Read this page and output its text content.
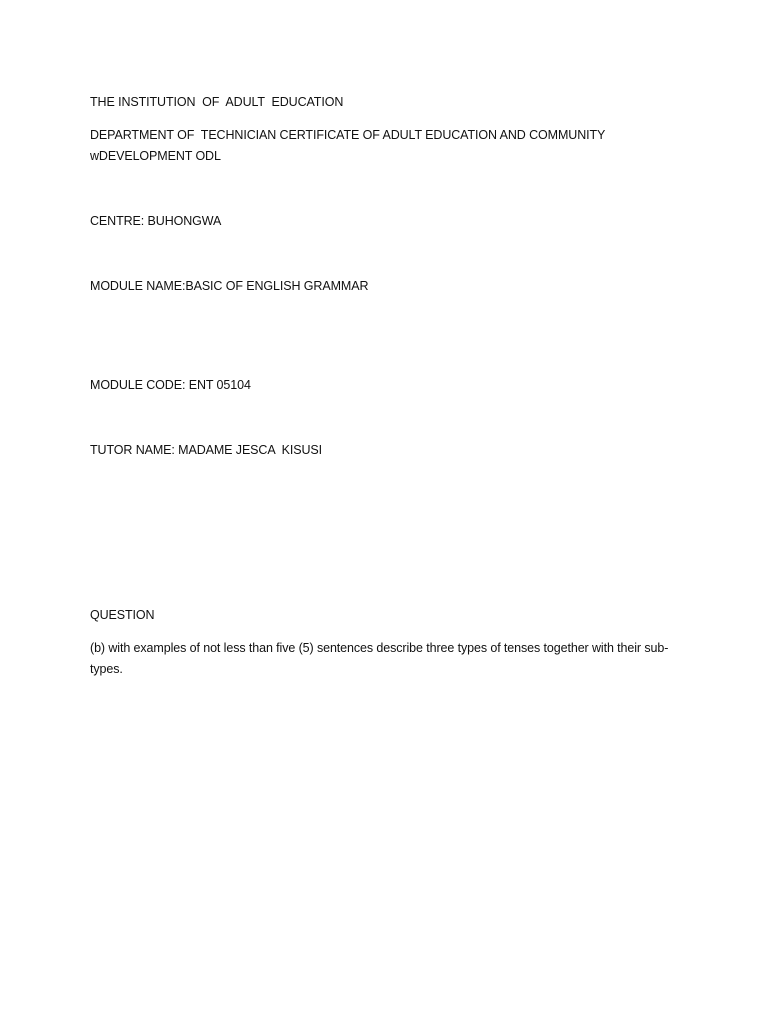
THE INSTITUTION  OF  ADULT  EDUCATION
DEPARTMENT OF  TECHNICIAN CERTIFICATE OF ADULT EDUCATION AND COMMUNITY wDEVELOPMENT ODL
CENTRE: BUHONGWA
MODULE NAME:BASIC OF ENGLISH GRAMMAR
MODULE CODE: ENT 05104
TUTOR NAME: MADAME JESCA  KISUSI
QUESTION
(b) with examples of not less than five (5) sentences describe three types of tenses together with their sub-types.
